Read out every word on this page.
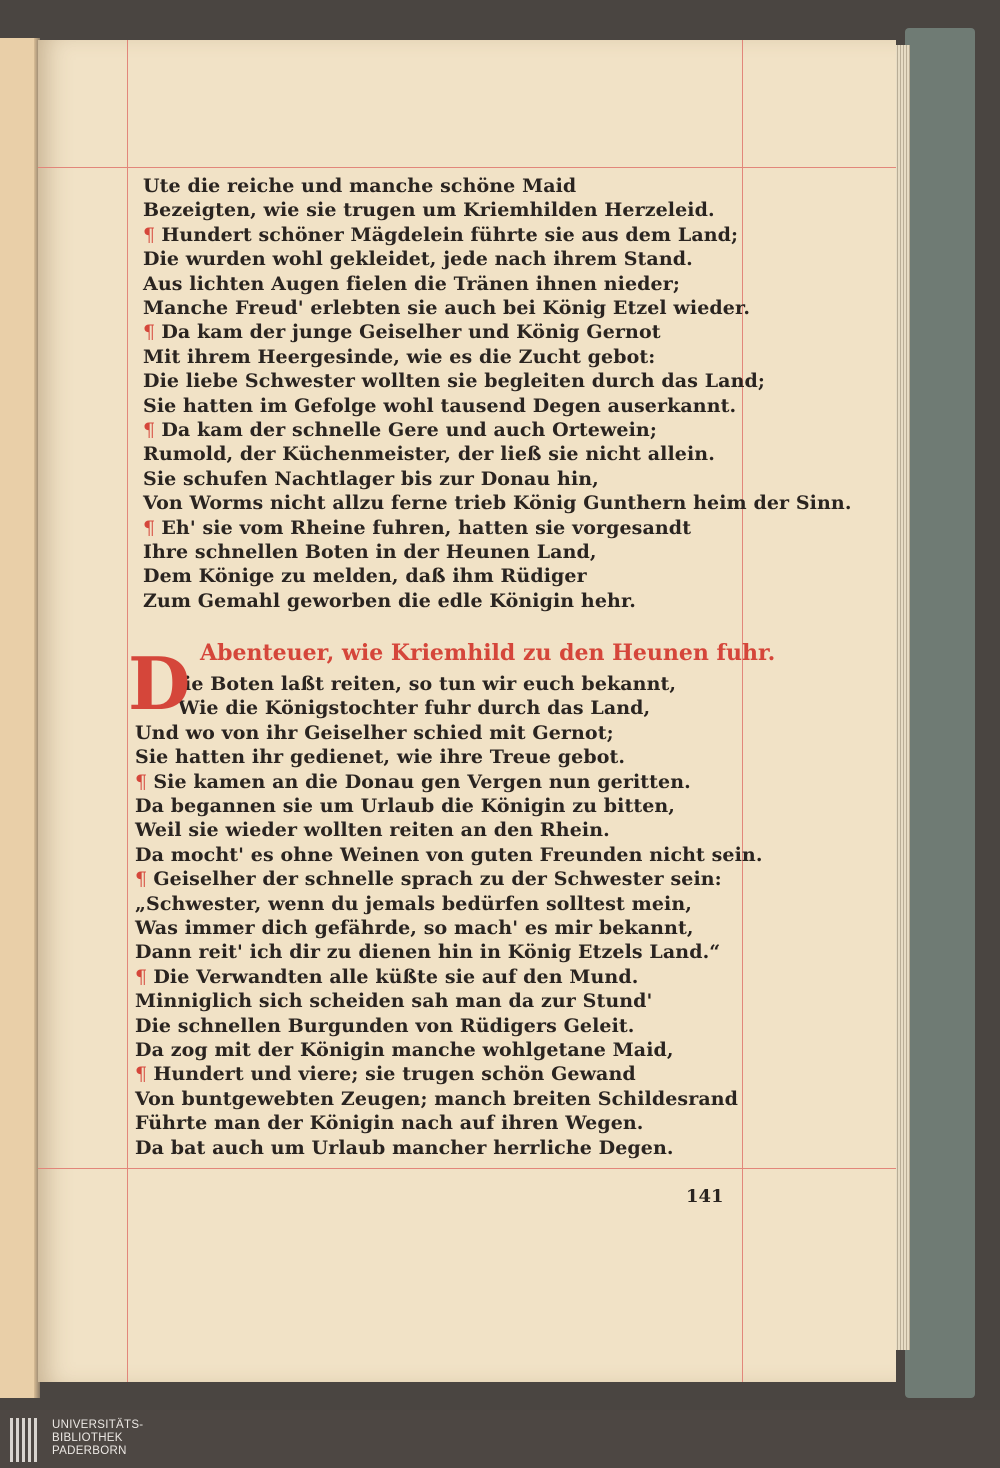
Ute die reiche und manche schöne Maid
Bezeigten, wie sie trugen um Kriemhilden Herzeleid.
¶ Hundert schöner Mägdelein führte sie aus dem Land;
Die wurden wohl gekleidet, jede nach ihrem Stand.
Aus lichten Augen fielen die Tränen ihnen nieder;
Manche Freud' erlebten sie auch bei König Etzel wieder.
¶ Da kam der junge Geiselher und König Gernot
Mit ihrem Heergesinde, wie es die Zucht gebot:
Die liebe Schwester wollten sie begleiten durch das Land;
Sie hatten im Gefolge wohl tausend Degen auserkannt.
¶ Da kam der schnelle Gere und auch Ortewein;
Rumold, der Küchenmeister, der ließ sie nicht allein.
Sie schufen Nachtlager bis zur Donau hin,
Von Worms nicht allzu ferne trieb König Gunthern heim der Sinn.
¶ Eh' sie vom Rheine fuhren, hatten sie vorgesandt
Ihre schnellen Boten in der Heunen Land,
Dem Könige zu melden, daß ihm Rüdiger
Zum Gemahl geworben die edle Königin hehr.
ie Boten laßt reiten, so tun wir euch bekannt,
Wie die Königstochter fuhr durch das Land,
Und wo von ihr Geiselher schied mit Gernot;
Sie hatten ihr gedienet, wie ihre Treue gebot.
¶ Sie kamen an die Donau gen Vergen nun geritten.
Da begannen sie um Urlaub die Königin zu bitten,
Weil sie wieder wollten reiten an den Rhein.
Da mocht' es ohne Weinen von guten Freunden nicht sein.
¶ Geiselher der schnelle sprach zu der Schwester sein:
„Schwester, wenn du jemals bedürfen solltest mein,
Was immer dich gefährde, so mach' es mir bekannt,
Dann reit' ich dir zu dienen hin in König Etzels Land.“
¶ Die Verwandten alle küßte sie auf den Mund.
Minniglich sich scheiden sah man da zur Stund'
Die schnellen Burgunden von Rüdigers Geleit.
Da zog mit der Königin manche wohlgetane Maid,
¶ Hundert und viere; sie trugen schön Gewand
Von buntgewebten Zeugen; manch breiten Schildesrand
Führte man der Königin nach auf ihren Wegen.
Da bat auch um Urlaub mancher herrliche Degen.
D Abenteuer, wie Kriemhild zu den Heunen fuhr.
141
UNIVERSITÄTS-
BIBLIOTHEK
PADERBORN
